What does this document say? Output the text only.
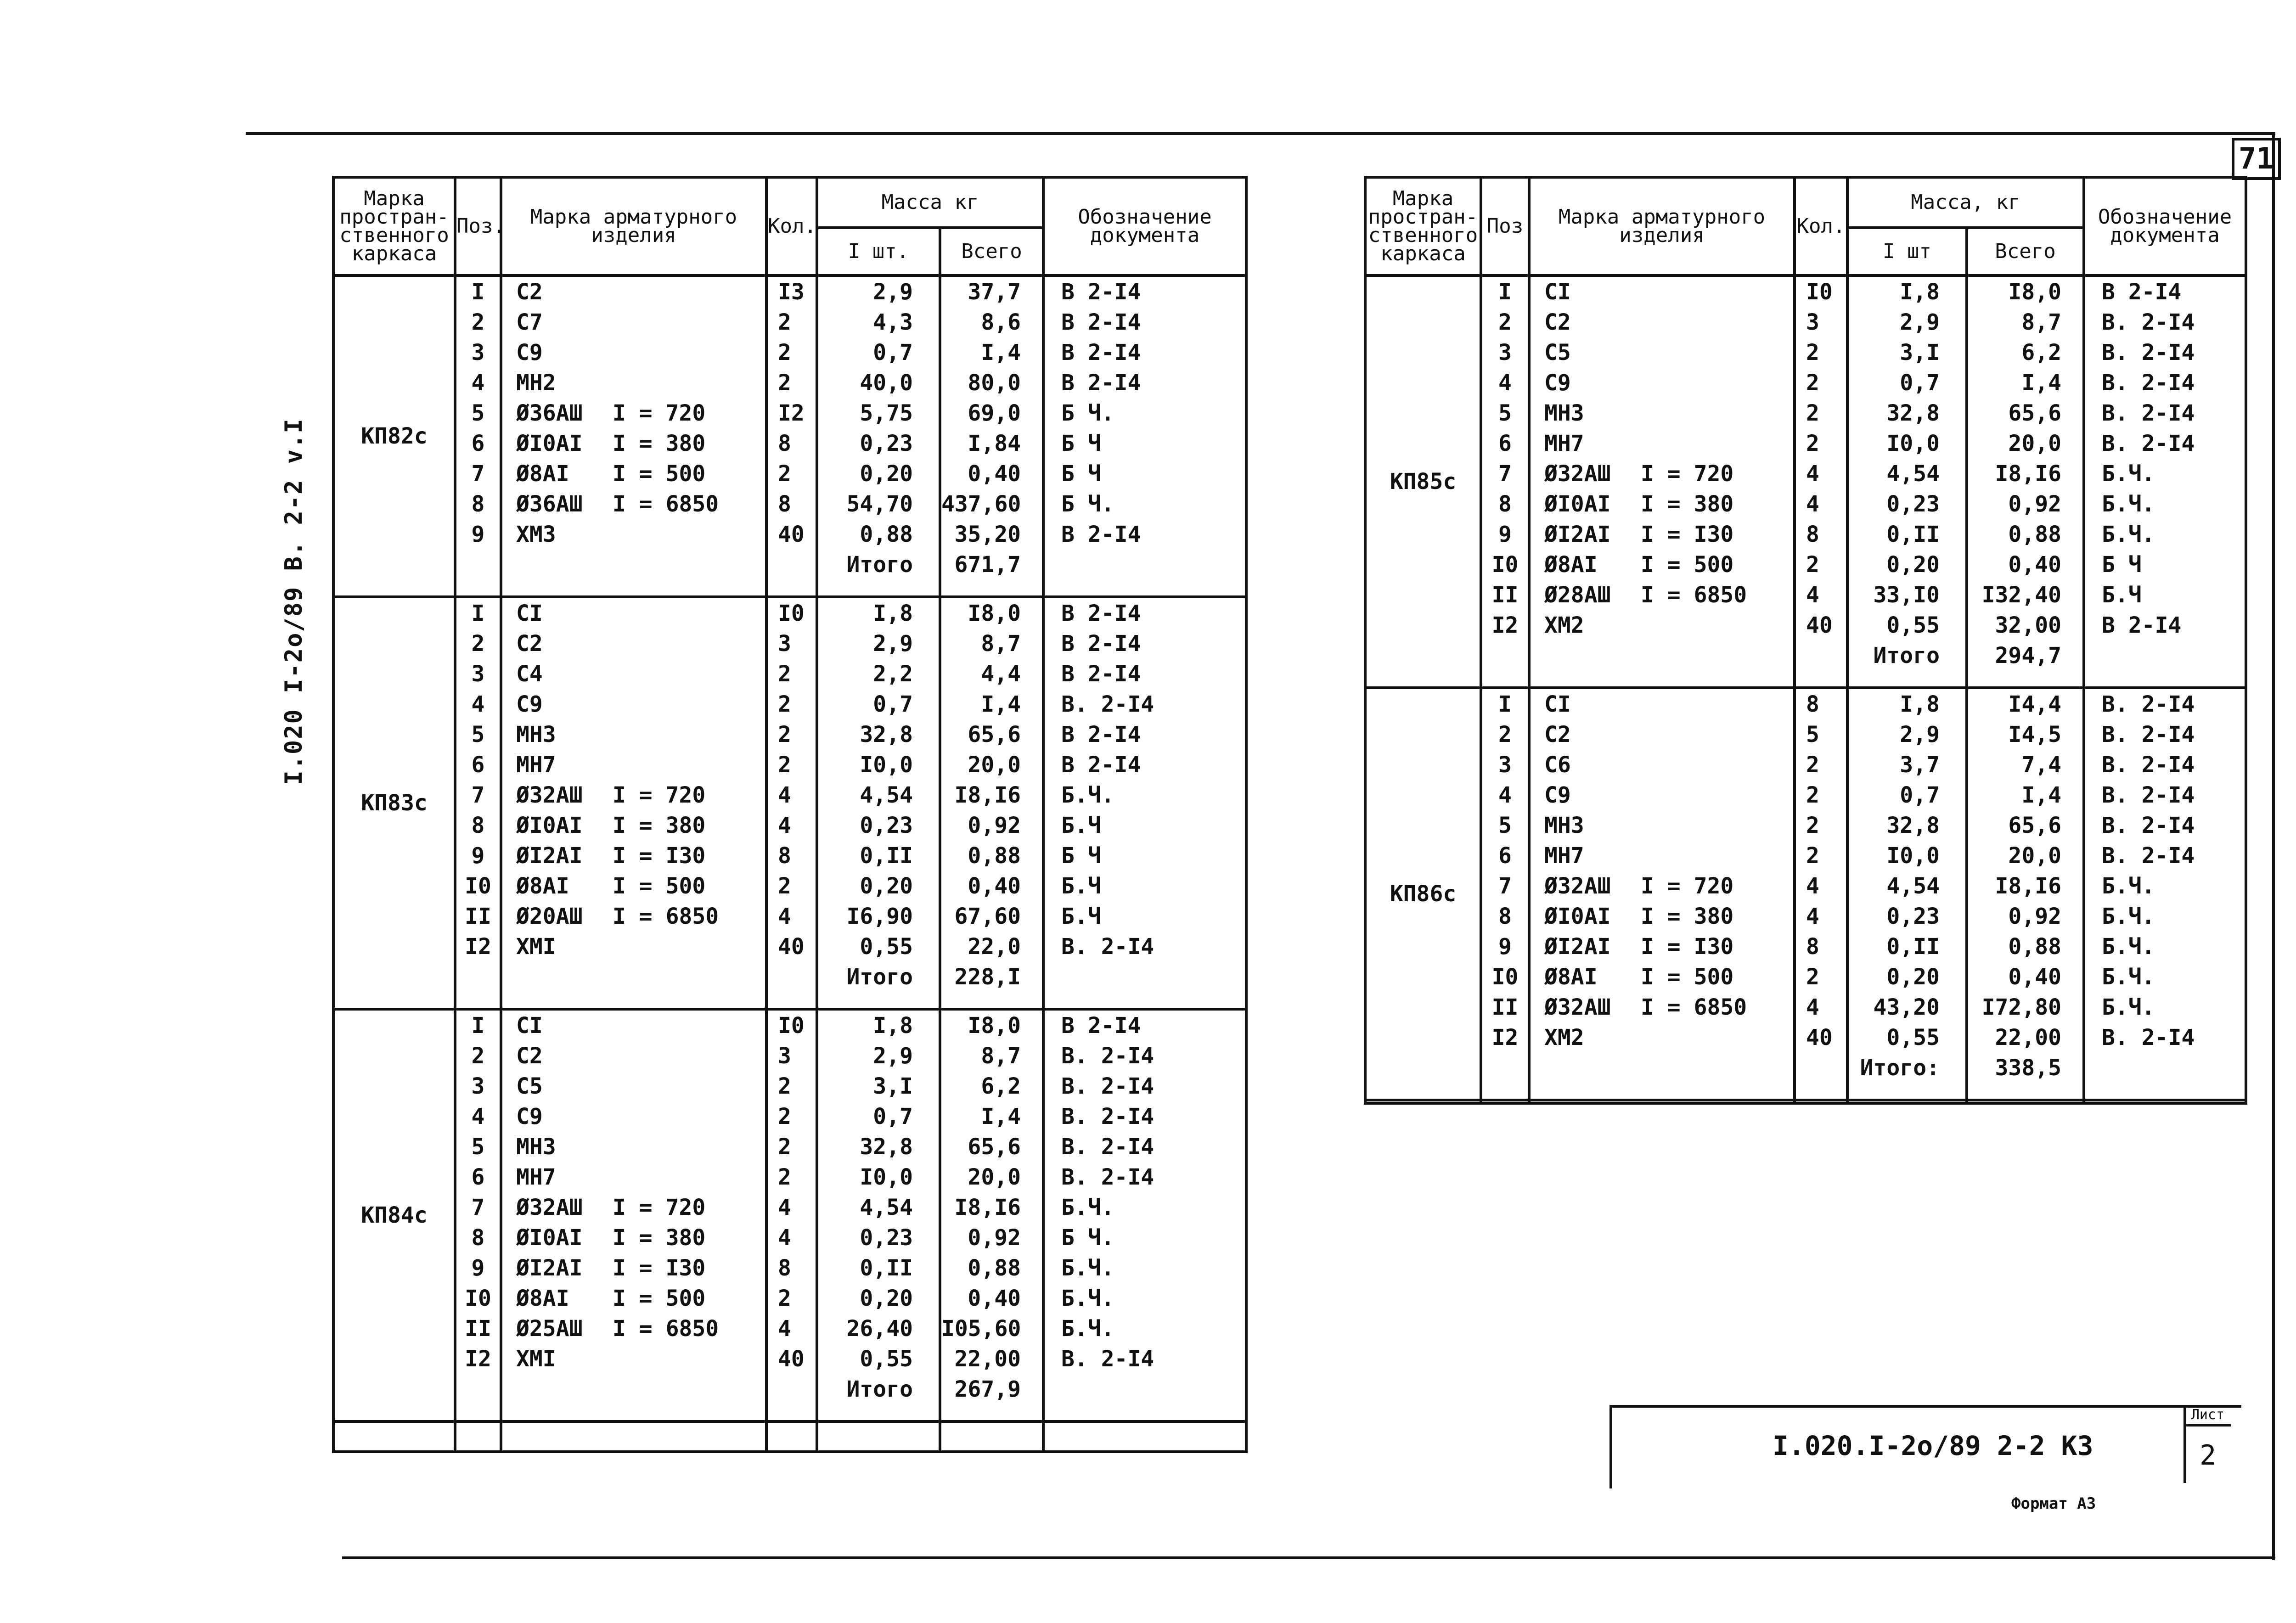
71
I.020 I-2o/89 B. 2-2 v.I
Марка простран- ственного каркаса	Поз.	Марка арматурного изделия	Кол.	Масса кг		Обозначение документа
				I шт.	Всего	
КП82с	I	С2	I3	2,9	37,7	В 2-I4
	2	С7	2	4,3	8,6	В 2-I4
	3	С9	2	0,7	I,4	В 2-I4
	4	МН2	2	40,0	80,0	В 2-I4
	5	Ø36АШ I = 720	I2	5,75	69,0	Б Ч.
	6	ØI0АI I = 380	8	0,23	I,84	Б Ч
	7	Ø8АI I = 500	2	0,20	0,40	Б Ч
	8	Ø36АШ I = 6850	8	54,70	437,60	Б Ч.
	9	ХМЗ	40	0,88	35,20	В 2-I4
				Итого	671,7	

КП83с	I	СI	I0	I,8	I8,0	В 2-I4
	2	С2	3	2,9	8,7	В 2-I4
	3	С4	2	2,2	4,4	В 2-I4
	4	С9	2	0,7	I,4	В. 2-I4
	5	МН3	2	32,8	65,6	В 2-I4
	6	МН7	2	I0,0	20,0	В 2-I4
	7	Ø32АШ I = 720	4	4,54	I8,I6	Б.Ч.
	8	ØI0АI I = 380	4	0,23	0,92	Б.Ч
	9	ØI2АI I = I30	8	0,II	0,88	Б Ч
	I0	Ø8АI I = 500	2	0,20	0,40	Б.Ч
	II	Ø20АШ I = 6850	4	I6,90	67,60	Б.Ч
	I2	ХМI	40	0,55	22,0	В. 2-I4
				Итого	228,I	

КП84с	I	СI	I0	I,8	I8,0	В 2-I4
	2	С2	3	2,9	8,7	В. 2-I4
	3	С5	2	3,I	6,2	В. 2-I4
	4	С9	2	0,7	I,4	В. 2-I4
	5	МН3	2	32,8	65,6	В. 2-I4
	6	МН7	2	I0,0	20,0	В. 2-I4
	7	Ø32АШ I = 720	4	4,54	I8,I6	Б.Ч.
	8	ØI0АI I = 380	4	0,23	0,92	Б Ч.
	9	ØI2АI I = I30	8	0,II	0,88	Б.Ч.
	I0	Ø8АI I = 500	2	0,20	0,40	Б.Ч.
	II	Ø25АШ I = 6850	4	26,40	I05,60	Б.Ч.
	I2	ХМI	40	0,55	22,00	В. 2-I4
				Итого	267,9	

Марка простран- ственного каркаса	Поз	Марка арматурного изделия	Кол.	Масса, кг		Обозначение документа
				I шт	Всего	
КП85с	I	СI	I0	I,8	I8,0	В 2-I4
	2	С2	3	2,9	8,7	В. 2-I4
	3	С5	2	3,I	6,2	В. 2-I4
	4	С9	2	0,7	I,4	В. 2-I4
	5	МН3	2	32,8	65,6	В. 2-I4
	6	МН7	2	I0,0	20,0	В. 2-I4
	7	Ø32АШ I = 720	4	4,54	I8,I6	Б.Ч.
	8	ØI0АI I = 380	4	0,23	0,92	Б.Ч.
	9	ØI2АI I = I30	8	0,II	0,88	Б.Ч.
	I0	Ø8АI I = 500	2	0,20	0,40	Б Ч
	II	Ø28АШ I = 6850	4	33,I0	I32,40	Б.Ч
	I2	ХМ2	40	0,55	32,00	В 2-I4
				Итого	294,7	

КП86с	I	СI	8	I,8	I4,4	В. 2-I4
	2	С2	5	2,9	I4,5	В. 2-I4
	3	С6	2	3,7	7,4	В. 2-I4
	4	С9	2	0,7	I,4	В. 2-I4
	5	МН3	2	32,8	65,6	В. 2-I4
	6	МН7	2	I0,0	20,0	В. 2-I4
	7	Ø32АШ I = 720	4	4,54	I8,I6	Б.Ч.
	8	ØI0АI I = 380	4	0,23	0,92	Б.Ч.
	9	ØI2АI I = I30	8	0,II	0,88	Б.Ч.
	I0	Ø8АI I = 500	2	0,20	0,40	Б.Ч.
	II	Ø32АШ I = 6850	4	43,20	I72,80	Б.Ч.
	I2	ХМ2	40	0,55	22,00	В. 2-I4
				Итого:	338,5	

I.020.I-2o/89 2-2 КЗ
Лист
2
Формат АЗ
